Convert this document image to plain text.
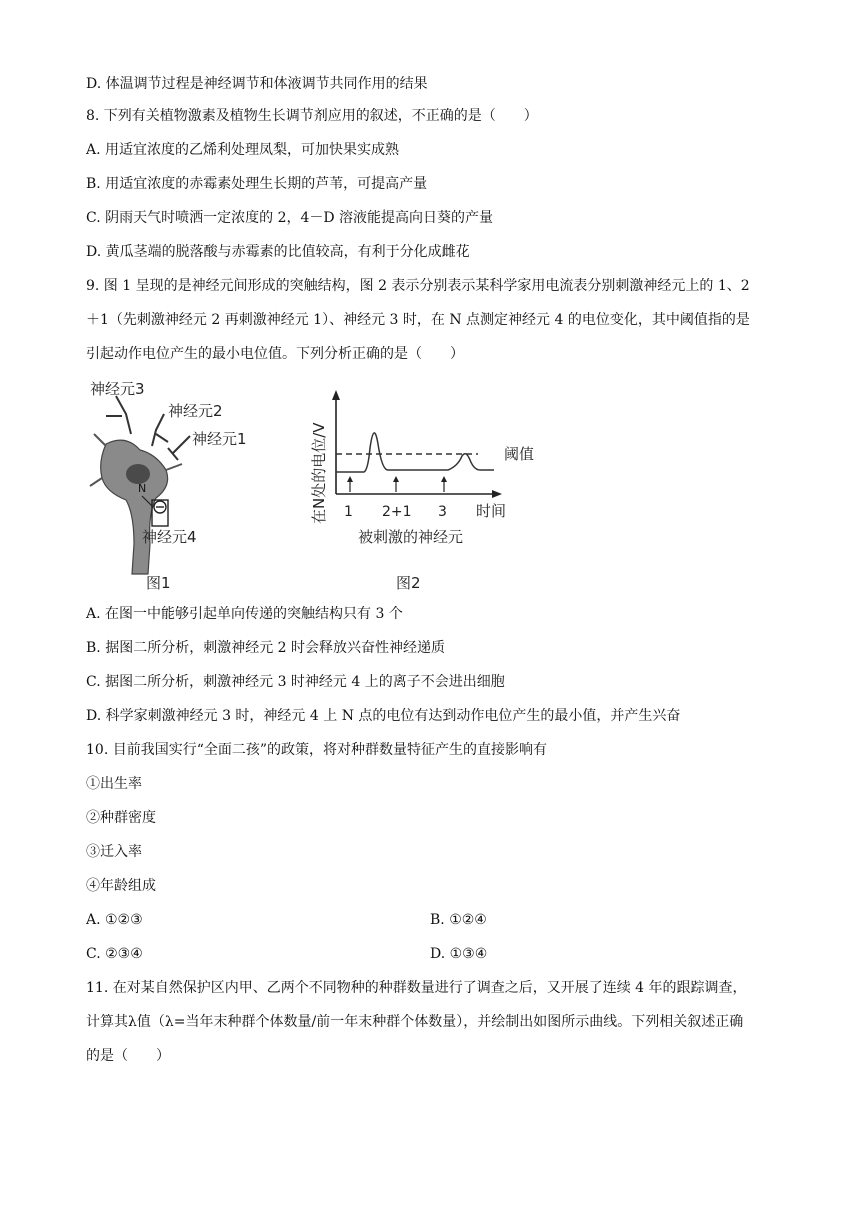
D. 体温调节过程是神经调节和体液调节共同作用的结果
8. 下列有关植物激素及植物生长调节剂应用的叙述，不正确的是（　　）
A. 用适宜浓度的乙烯利处理凤梨，可加快果实成熟
B. 用适宜浓度的赤霉素处理生长期的芦苇，可提高产量
C. 阴雨天气时喷洒一定浓度的 2，4－D 溶液能提高向日葵的产量
D. 黄瓜茎端的脱落酸与赤霉素的比值较高，有利于分化成雌花
9. 图 1 呈现的是神经元间形成的突触结构，图 2 表示分别表示某科学家用电流表分别刺激神经元上的 1、2
＋1（先刺激神经元 2 再刺激神经元 1）、神经元 3 时，在 N 点测定神经元 4 的电位变化，其中阈值指的是
引起动作电位产生的最小电位值。下列分析正确的是（　　）
N
神经元3
神经元2
神经元1
神经元4
图1
在N处的电位/V	阈值
1 2+1 3 时间
被刺激的神经元
图2
A. 在图一中能够引起单向传递的突触结构只有 3 个
B. 据图二所分析，刺激神经元 2 时会释放兴奋性神经递质
C. 据图二所分析，刺激神经元 3 时神经元 4 上的离子不会进出细胞
D. 科学家刺激神经元 3 时，神经元 4 上 N 点的电位有达到动作电位产生的最小值，并产生兴奋
10. 目前我国实行“全面二孩”的政策，将对种群数量特征产生的直接影响有
①出生率
②种群密度
③迁入率
④年龄组成
A. ①②③	B. ①②④
C. ②③④	D. ①③④
11. 在对某自然保护区内甲、乙两个不同物种的种群数量进行了调查之后，又开展了连续 4 年的跟踪调查，
计算其λ值（λ=当年末种群个体数量/前一年末种群个体数量），并绘制出如图所示曲线。下列相关叙述正确
的是（　　）
